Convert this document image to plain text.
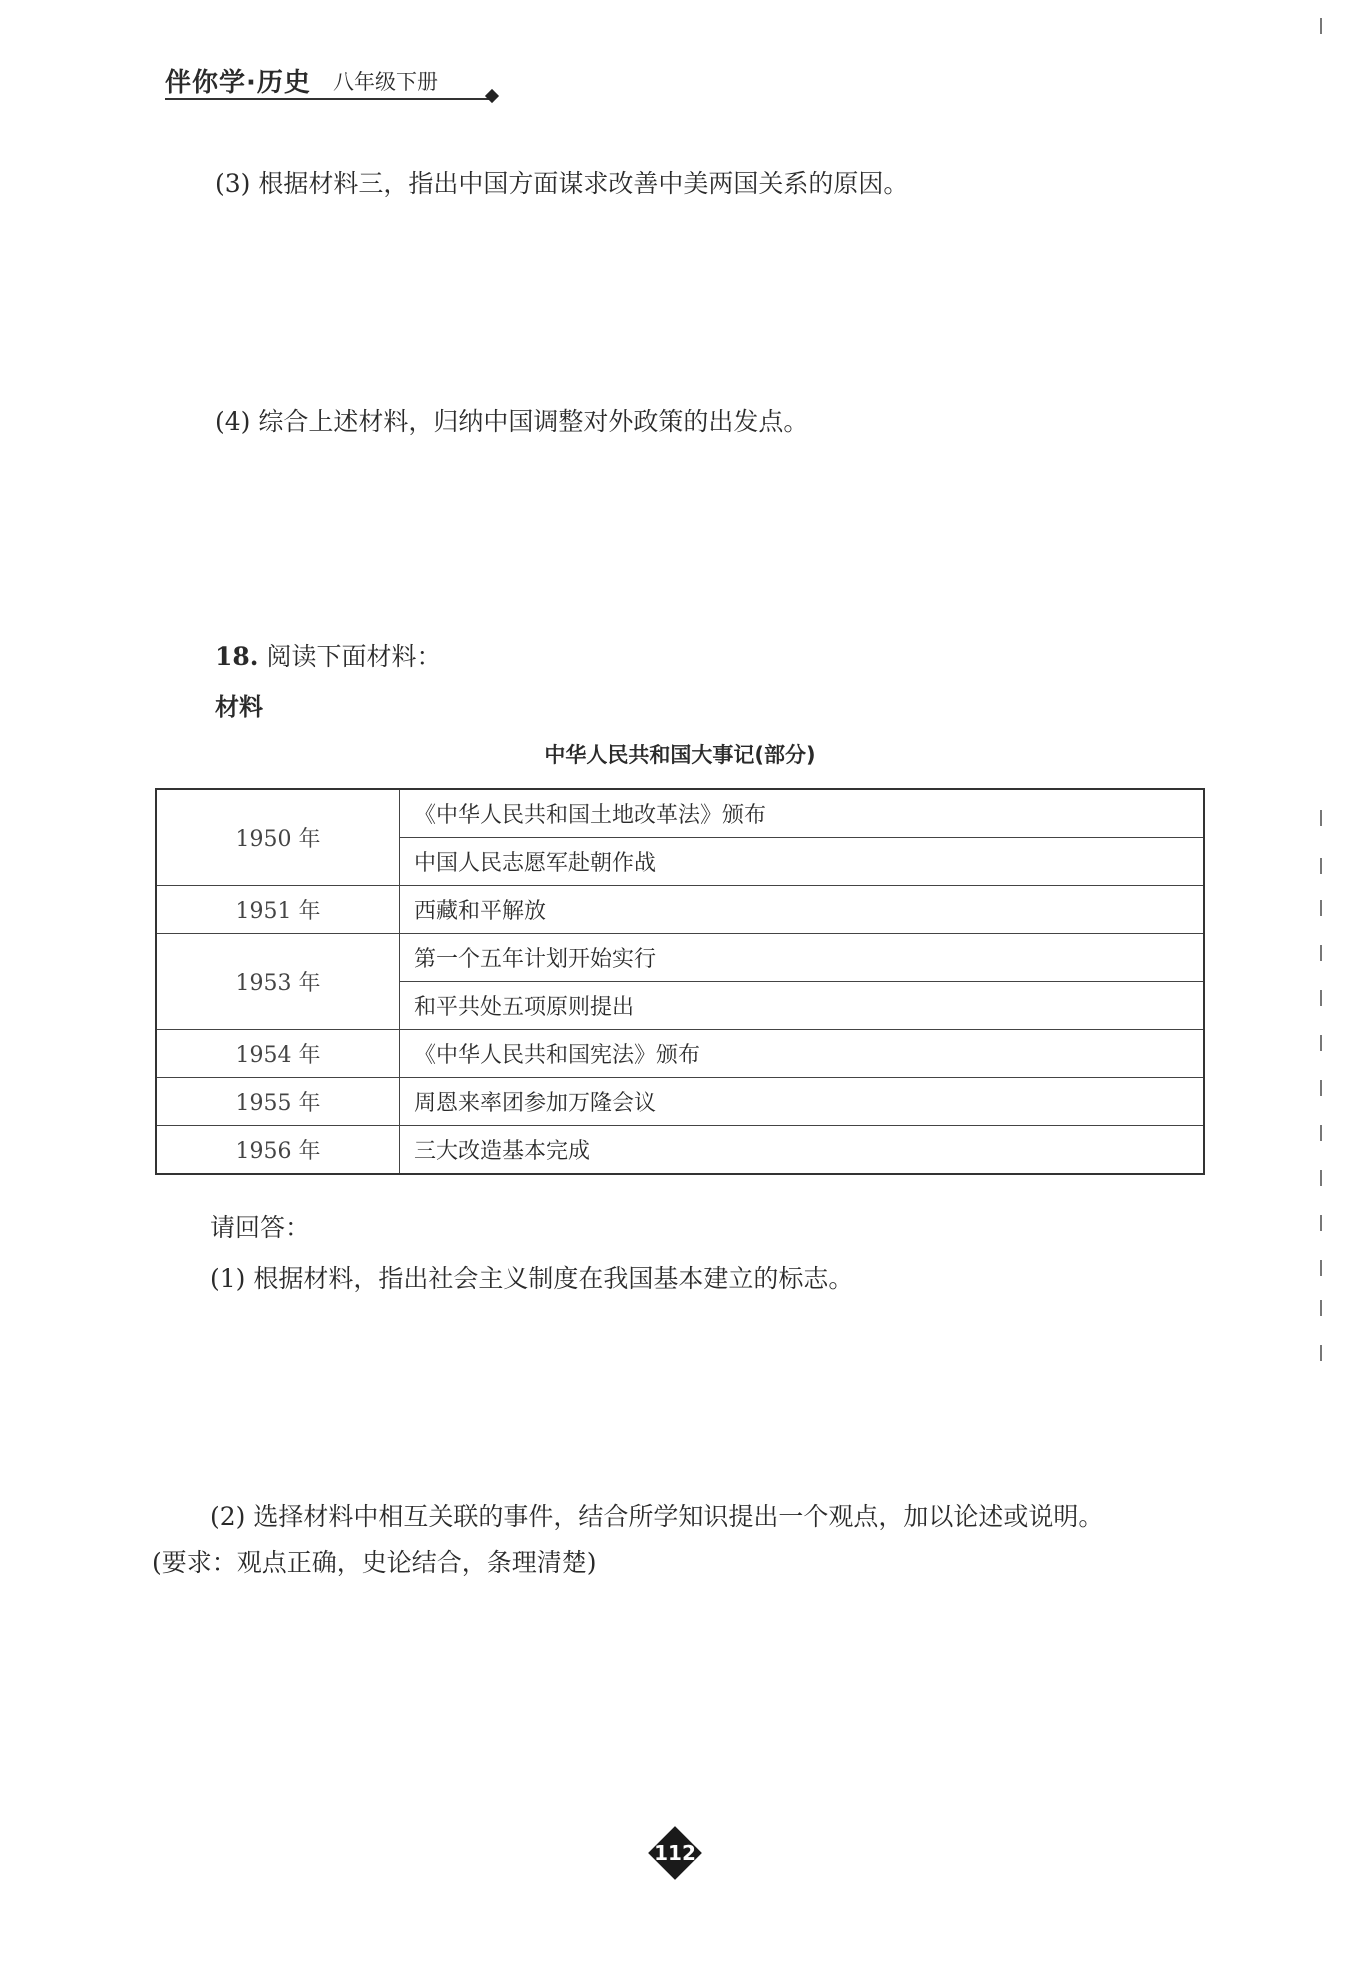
伴你学·历史 八年级下册
(3) 根据材料三，指出中国方面谋求改善中美两国关系的原因。
(4) 综合上述材料，归纳中国调整对外政策的出发点。
18. 阅读下面材料：
材料
中华人民共和国大事记(部分)
1950 年	《中华人民共和国土地改革法》颁布
	中国人民志愿军赴朝作战
1951 年	西藏和平解放
1953 年	第一个五年计划开始实行
	和平共处五项原则提出
1954 年	《中华人民共和国宪法》颁布
1955 年	周恩来率团参加万隆会议
1956 年	三大改造基本完成
请回答：
(1) 根据材料，指出社会主义制度在我国基本建立的标志。
(2) 选择材料中相互关联的事件，结合所学知识提出一个观点，加以论述或说明。
(要求：观点正确，史论结合，条理清楚)
112
